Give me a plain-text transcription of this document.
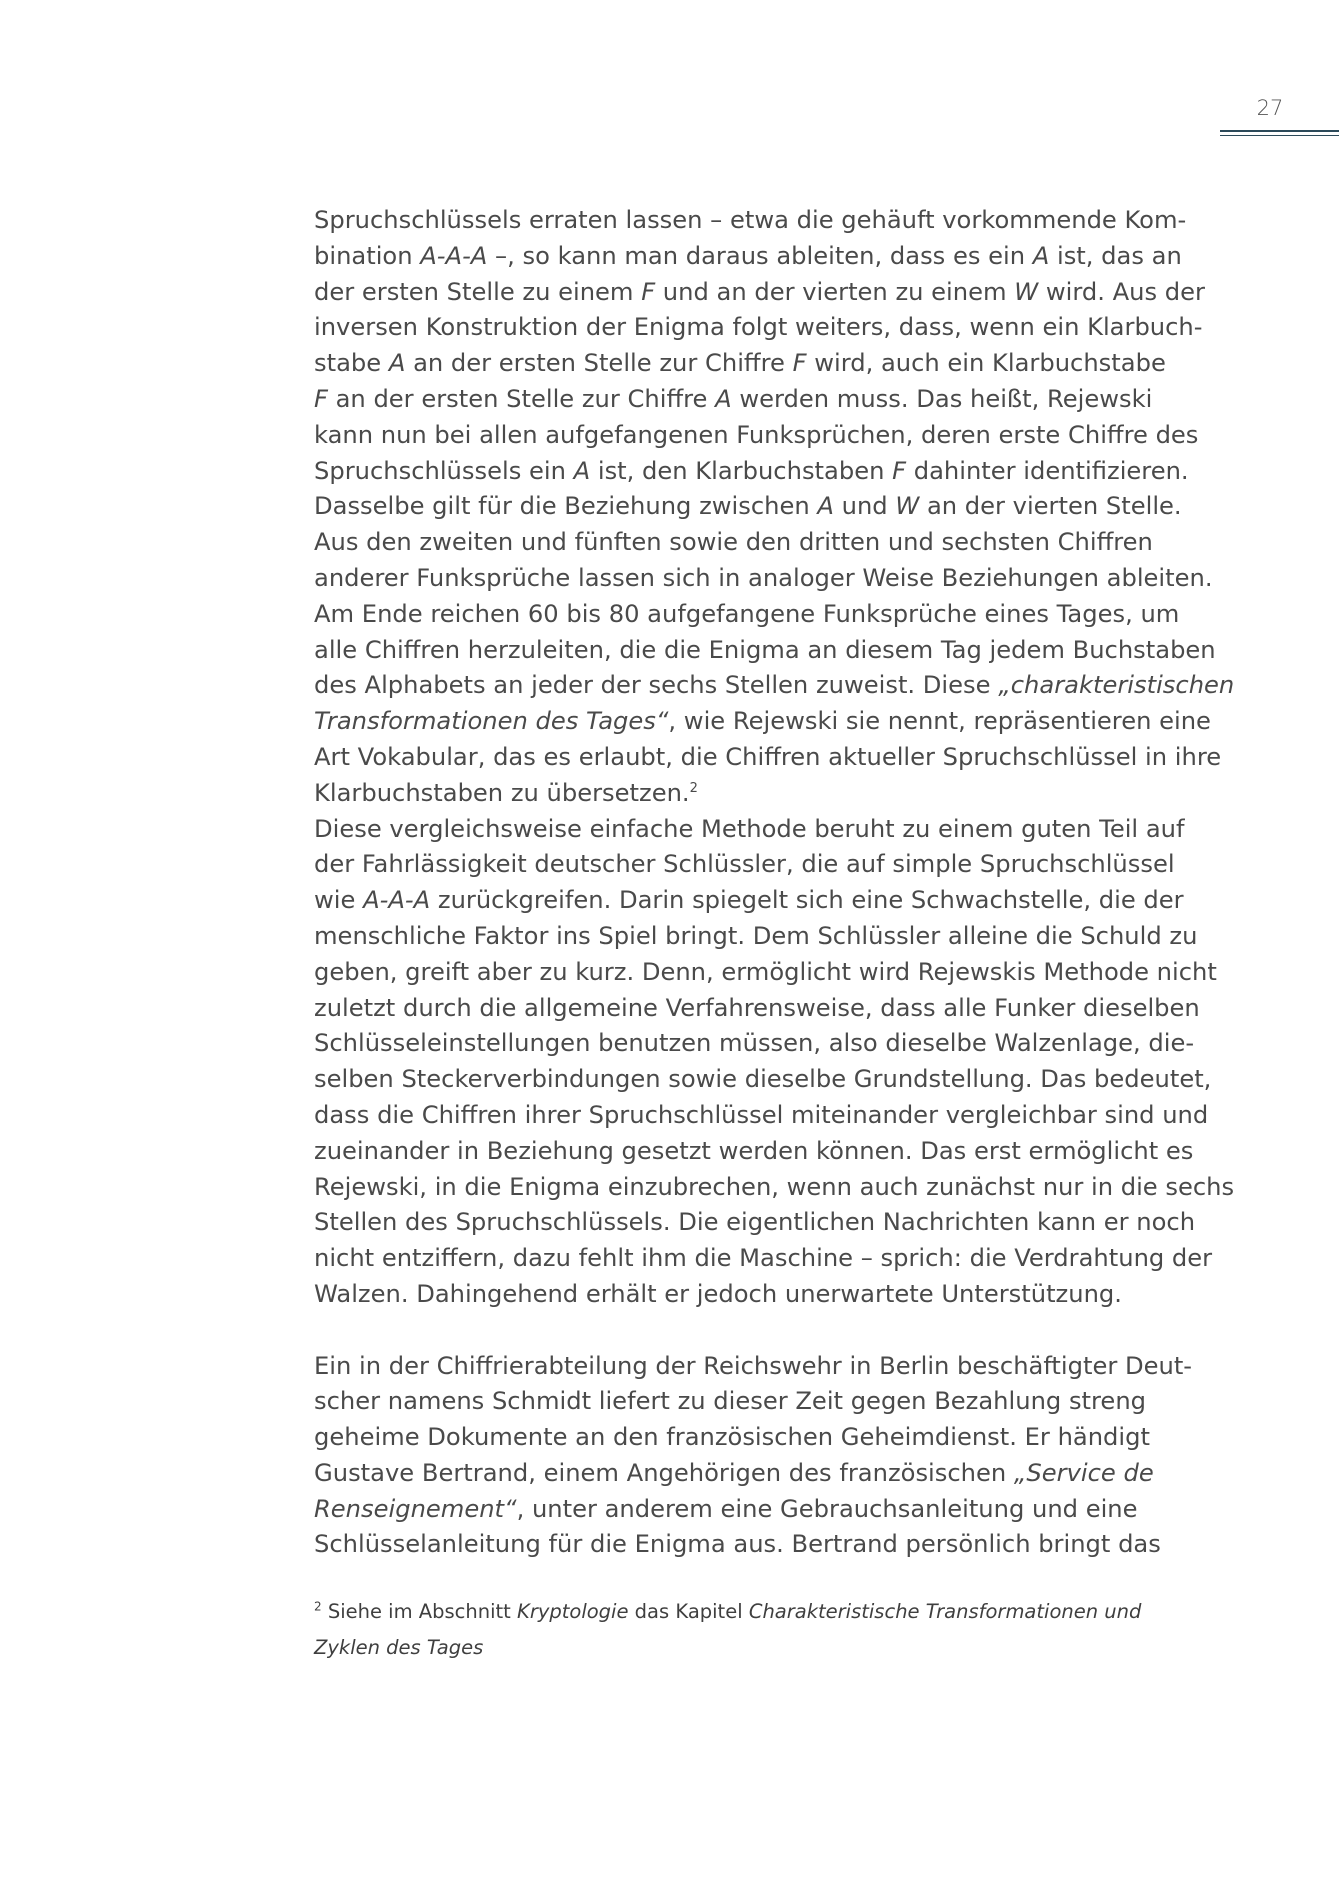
27
Spruchschlüssels erraten lassen – etwa die gehäuft vorkommende Kom-
bination A-A-A –, so kann man daraus ableiten, dass es ein A ist, das an
der ersten Stelle zu einem F und an der vierten zu einem W wird. Aus der
inversen Konstruktion der Enigma folgt weiters, dass, wenn ein Klarbuch-
stabe A an der ersten Stelle zur Chiffre F wird, auch ein Klarbuchstabe
F an der ersten Stelle zur Chiffre A werden muss. Das heißt, Rejewski
kann nun bei allen aufgefangenen Funksprüchen, deren erste Chiffre des
Spruchschlüssels ein A ist, den Klarbuchstaben F dahinter identifizieren.
Dasselbe gilt für die Beziehung zwischen A und W an der vierten Stelle.
Aus den zweiten und fünften sowie den dritten und sechsten Chiffren
anderer Funksprüche lassen sich in analoger Weise Beziehungen ableiten.
Am Ende reichen 60 bis 80 aufgefangene Funksprüche eines Tages, um
alle Chiffren herzuleiten, die die Enigma an diesem Tag jedem Buchstaben
des Alphabets an jeder der sechs Stellen zuweist. Diese „charakteristischen
Transformationen des Tages“, wie Rejewski sie nennt, repräsentieren eine
Art Vokabular, das es erlaubt, die Chiffren aktueller Spruchschlüssel in ihre
Klarbuchstaben zu übersetzen.$^2$
Diese vergleichsweise einfache Methode beruht zu einem guten Teil auf
der Fahrlässigkeit deutscher Schlüssler, die auf simple Spruchschlüssel
wie A-A-A zurückgreifen. Darin spiegelt sich eine Schwachstelle, die der
menschliche Faktor ins Spiel bringt. Dem Schlüssler alleine die Schuld zu
geben, greift aber zu kurz. Denn, ermöglicht wird Rejewskis Methode nicht
zuletzt durch die allgemeine Verfahrensweise, dass alle Funker dieselben
Schlüsseleinstellungen benutzen müssen, also dieselbe Walzenlage, die-
selben Steckerverbindungen sowie dieselbe Grundstellung. Das bedeutet,
dass die Chiffren ihrer Spruchschlüssel miteinander vergleichbar sind und
zueinander in Beziehung gesetzt werden können. Das erst ermöglicht es
Rejewski, in die Enigma einzubrechen, wenn auch zunächst nur in die sechs
Stellen des Spruchschlüssels. Die eigentlichen Nachrichten kann er noch
nicht entziffern, dazu fehlt ihm die Maschine – sprich: die Verdrahtung der
Walzen. Dahingehend erhält er jedoch unerwartete Unterstützung.
Ein in der Chiffrierabteilung der Reichswehr in Berlin beschäftigter Deut-
scher namens Schmidt liefert zu dieser Zeit gegen Bezahlung streng
geheime Dokumente an den französischen Geheimdienst. Er händigt
Gustave Bertrand, einem Angehörigen des französischen „Service de
Renseignement“, unter anderem eine Gebrauchsanleitung und eine
Schlüsselanleitung für die Enigma aus. Bertrand persönlich bringt das
$^2$ Siehe im Abschnitt Kryptologie das Kapitel Charakteristische Transformationen und
Zyklen des Tages
